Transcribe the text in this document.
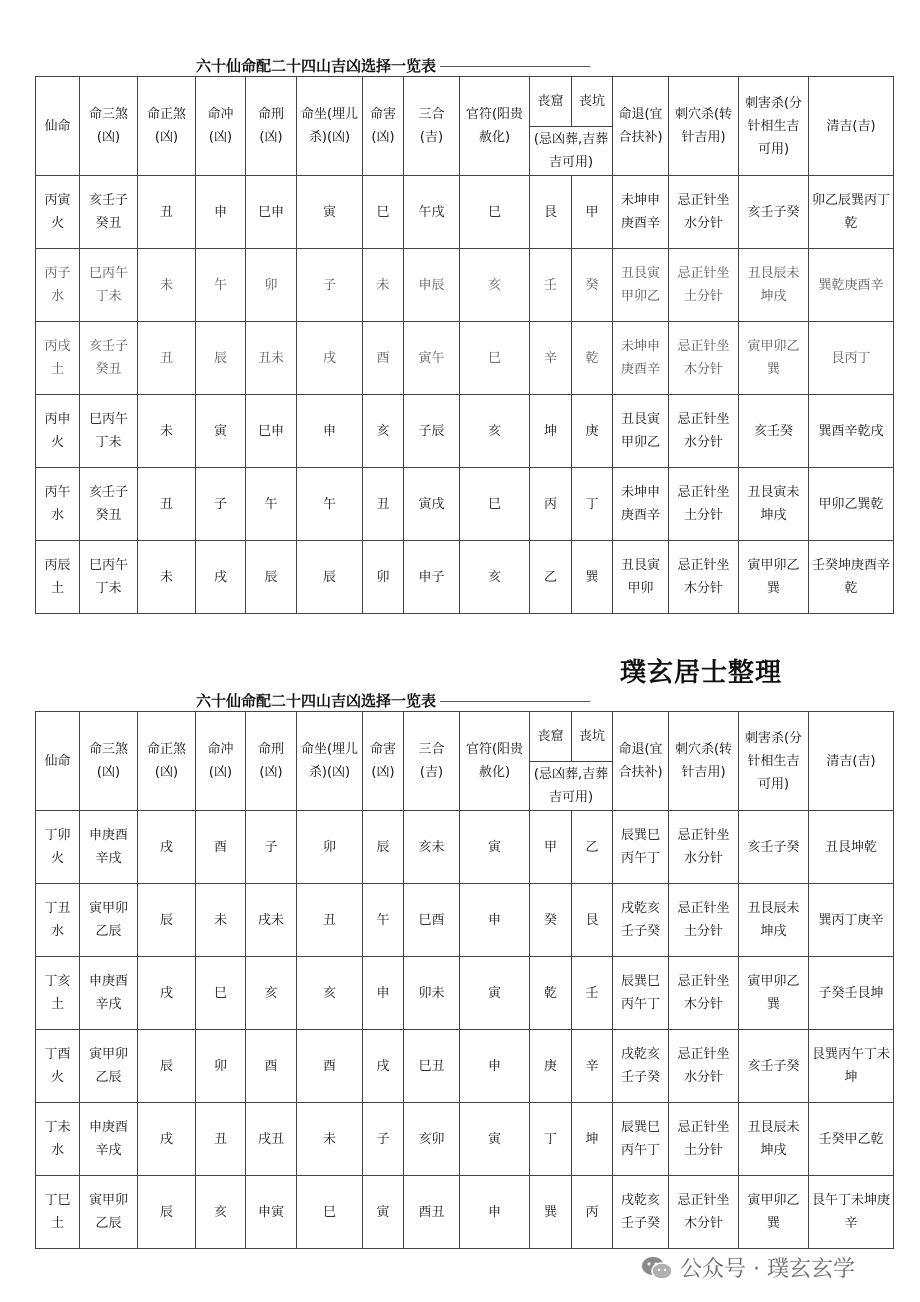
六十仙命配二十四山吉凶选择一览表
仙命	命三煞(凶)	命正煞(凶)	命冲(凶)	命刑(凶)	命坐(埋儿杀)(凶)	命害(凶)	三合(吉)	官符(阳贵赦化)	丧窟	丧坑	命退(宜合扶补)	刺穴杀(转针吉用)	刺害杀(分针相生吉可用)	清吉(吉)
									(忌凶葬,吉葬吉可用)					
丙寅火	亥壬子癸丑	丑	申	巳申	寅	巳	午戌	巳	艮	甲	未坤申庚酉辛	忌正针坐水分针	亥壬子癸	卯乙辰巽丙丁乾
丙子水	巳丙午丁未	未	午	卯	子	未	申辰	亥	壬	癸	丑艮寅甲卯乙	忌正针坐土分针	丑艮辰未坤戌	巽乾庚酉辛
丙戌土	亥壬子癸丑	丑	辰	丑未	戌	酉	寅午	巳	辛	乾	未坤申庚酉辛	忌正针坐木分针	寅甲卯乙巽	艮丙丁
丙申火	巳丙午丁未	未	寅	巳申	申	亥	子辰	亥	坤	庚	丑艮寅甲卯乙	忌正针坐水分针	亥壬癸	巽酉辛乾戌
丙午水	亥壬子癸丑	丑	子	午	午	丑	寅戌	巳	丙	丁	未坤申庚酉辛	忌正针坐土分针	丑艮寅未坤戌	甲卯乙巽乾
丙辰土	巳丙午丁未	未	戌	辰	辰	卯	申子	亥	乙	巽	丑艮寅甲卯	忌正针坐木分针	寅甲卯乙巽	壬癸坤庚酉辛乾
璞玄居士整理
六十仙命配二十四山吉凶选择一览表
仙命	命三煞(凶)	命正煞(凶)	命冲(凶)	命刑(凶)	命坐(埋儿杀)(凶)	命害(凶)	三合(吉)	官符(阳贵赦化)	丧窟	丧坑	命退(宜合扶补)	刺穴杀(转针吉用)	刺害杀(分针相生吉可用)	清吉(吉)
									(忌凶葬,吉葬吉可用)					
丁卯火	申庚酉辛戌	戌	酉	子	卯	辰	亥未	寅	甲	乙	辰巽巳丙午丁	忌正针坐水分针	亥壬子癸	丑艮坤乾
丁丑水	寅甲卯乙辰	辰	未	戌未	丑	午	巳酉	申	癸	艮	戌乾亥壬子癸	忌正针坐土分针	丑艮辰未坤戌	巽丙丁庚辛
丁亥土	申庚酉辛戌	戌	巳	亥	亥	申	卯未	寅	乾	壬	辰巽巳丙午丁	忌正针坐木分针	寅甲卯乙巽	子癸壬艮坤
丁酉火	寅甲卯乙辰	辰	卯	酉	酉	戌	巳丑	申	庚	辛	戌乾亥壬子癸	忌正针坐水分针	亥壬子癸	艮巽丙午丁未坤
丁未水	申庚酉辛戌	戌	丑	戌丑	未	子	亥卯	寅	丁	坤	辰巽巳丙午丁	忌正针坐土分针	丑艮辰未坤戌	壬癸甲乙乾
丁巳土	寅甲卯乙辰	辰	亥	申寅	巳	寅	酉丑	申	巽	丙	戌乾亥壬子癸	忌正针坐木分针	寅甲卯乙巽	艮午丁未坤庚辛
公众号 · 璞玄玄学
